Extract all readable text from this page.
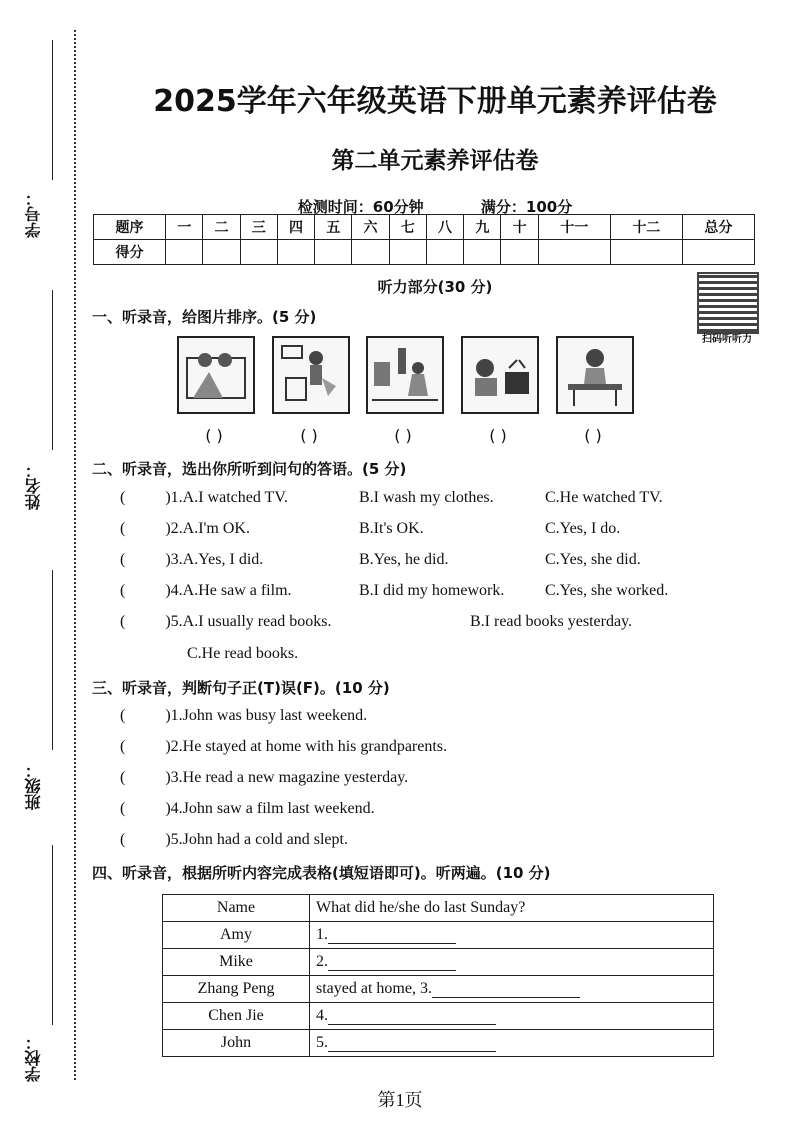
学号：
姓名：
班级：
学校：
2025学年六年级英语下册单元素养评估卷
第二单元素养评估卷
检测时间：60分钟	满分：100分
题序	一	二	三	四	五	六	七	八	九	十	十一	十二	总分
得分													
听力部分(30 分)
扫码听听力
一、听录音，给图片排序。(5 分)
( )	( )	( )	( )	( )
二、听录音，选出你所听到问句的答语。(5 分)
(          )1.A.I watched TV.	B.I wash my clothes.	C.He watched TV.
(          )2.A.I'm OK.	B.It's OK.	C.Yes, I do.
(          )3.A.Yes, I did.	B.Yes, he did.	C.Yes, she did.
(          )4.A.He saw a film.	B.I did my homework.	C.Yes, she worked.
(          )5.A.I usually read books.	B.I read books yesterday.
C.He read books.
(          )1.John was busy last weekend.
(          )2.He stayed at home with his grandparents.
(          )3.He read a new magazine yesterday.
(          )4.John saw a film last weekend.
(          )5.John had a cold and slept.
三、听录音，判断句子正(T)误(F)。(10 分)
四、听录音，根据所听内容完成表格(填短语即可)。听两遍。(10 分)
Name	What did he/she do last Sunday?
Amy	1.
Mike	2.
Zhang Peng	stayed at home, 3.
Chen Jie	4.
John	5.
第1页
